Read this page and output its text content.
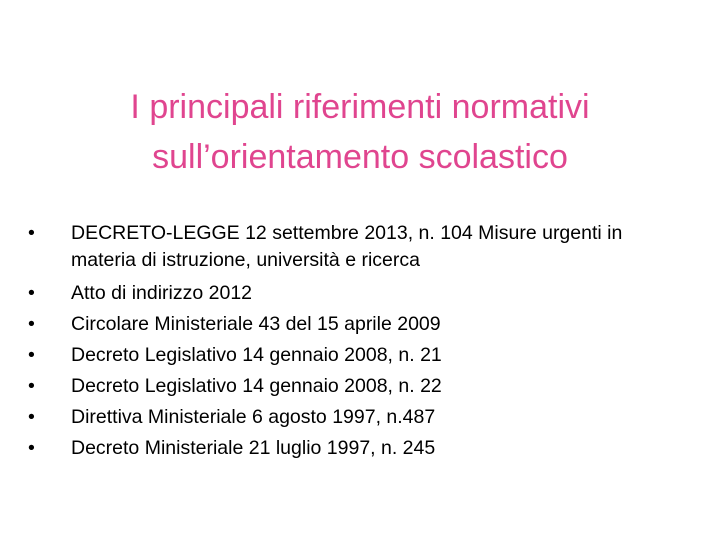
I principali riferimenti normativi
sull’orientamento scolastico
•	DECRETO-LEGGE 12 settembre 2013, n. 104 Misure urgenti in materia di istruzione, università e ricerca
•	Atto di indirizzo 2012
•	Circolare Ministeriale 43 del 15 aprile 2009
•	Decreto Legislativo 14 gennaio 2008, n. 21
•	Decreto Legislativo 14 gennaio 2008, n. 22
•	Direttiva Ministeriale 6 agosto 1997, n.487
•	Decreto Ministeriale 21 luglio 1997, n. 245
